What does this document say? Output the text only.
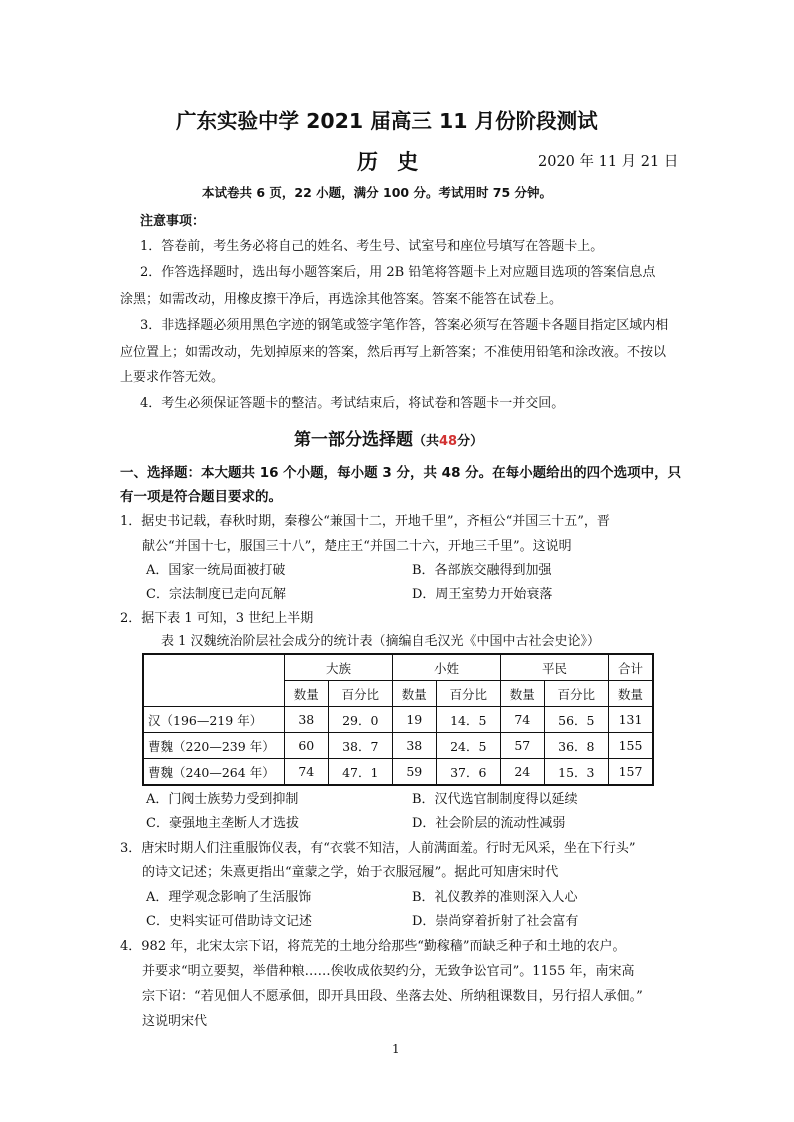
广东实验中学 2021 届高三 11 月份阶段测试
历 史	2020 年 11 月 21 日
本试卷共 6 页，22 小题，满分 100 分。考试用时 75 分钟。
注意事项：
1．答卷前，考生务必将自己的姓名、考生号、试室号和座位号填写在答题卡上。
2．作答选择题时，选出每小题答案后，用 2B 铅笔将答题卡上对应题目选项的答案信息点
涂黑；如需改动，用橡皮擦干净后，再选涂其他答案。答案不能答在试卷上。
3．非选择题必须用黑色字迹的钢笔或签字笔作答，答案必须写在答题卡各题目指定区域内相
应位置上；如需改动，先划掉原来的答案，然后再写上新答案；不准使用铅笔和涂改液。不按以
上要求作答无效。
4．考生必须保证答题卡的整洁。考试结束后，将试卷和答题卡一并交回。
第一部分选择题（共48分）
一、选择题：本大题共 16 个小题，每小题 3 分，共 48 分。在每小题给出的四个选项中，只
有一项是符合题目要求的。
1．据史书记载，春秋时期，秦穆公“兼国十二，开地千里”，齐桓公“并国三十五”，晋
献公“并国十七，服国三十八”，楚庄王“并国二十六，开地三千里”。这说明
A．国家一统局面被打破	B．各部族交融得到加强
C．宗法制度已走向瓦解	D．周王室势力开始衰落
2．据下表 1 可知，3 世纪上半期
表 1 汉魏统治阶层社会成分的统计表（摘编自毛汉光《中国中古社会史论》）
	大族		小姓		平民		合计
	数量	百分比	数量	百分比	数量	百分比	数量
汉（196—219 年）	38	29．0	19	14．5	74	56．5	131
曹魏（220—239 年）	60	38．7	38	24．5	57	36．8	155
曹魏（240—264 年）	74	47．1	59	37．6	24	15．3	157
A．门阀士族势力受到抑制	B．汉代选官制制度得以延续
C．豪强地主垄断人才选拔	D．社会阶层的流动性减弱
3．唐宋时期人们注重服饰仪表，有“衣裳不知洁，人前满面羞。行时无风采，坐在下行头”
的诗文记述；朱熹更指出“童蒙之学，始于衣服冠履”。据此可知唐宋时代
A．理学观念影响了生活服饰	B．礼仪教养的准则深入人心
C．史料实证可借助诗文记述	D．崇尚穿着折射了社会富有
4．982 年，北宋太宗下诏，将荒芜的土地分给那些“勤稼穑”而缺乏种子和土地的农户。
并要求“明立要契，举借种粮……俟收成依契约分，无致争讼官司”。1155 年，南宋高
宗下诏：“若见佃人不愿承佃，即开具田段、坐落去处、所纳租课数目，另行招人承佃。”
这说明宋代
1
